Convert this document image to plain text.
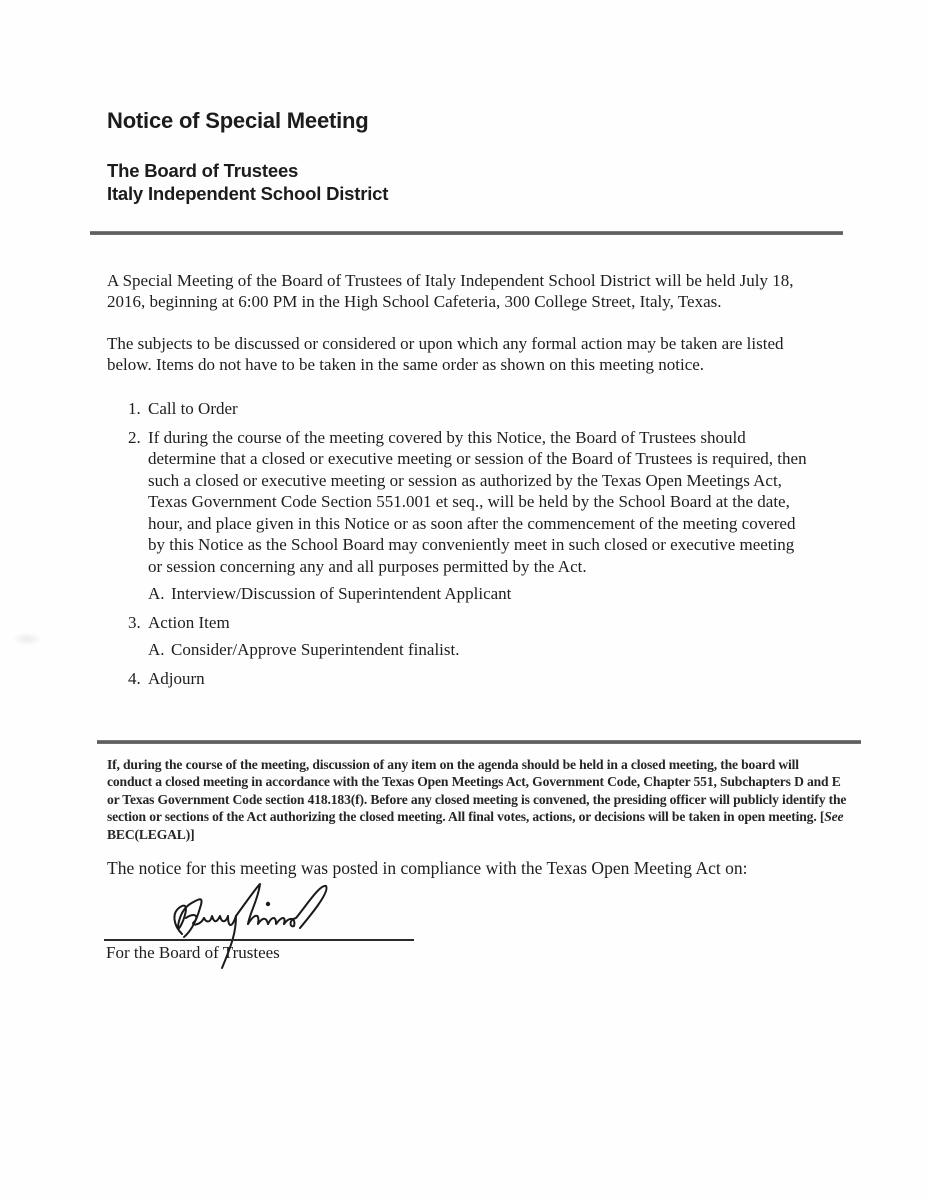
Notice of Special Meeting
The Board of Trustees
Italy Independent School District

A Special Meeting of the Board of Trustees of Italy Independent School District will be held July 18, 2016, beginning at 6:00 PM in the High School Cafeteria, 300 College Street, Italy, Texas.

The subjects to be discussed or considered or upon which any formal action may be taken are listed below. Items do not have to be taken in the same order as shown on this meeting notice.

1. Call to Order
2. If during the course of the meeting covered by this Notice, the Board of Trustees should determine that a closed or executive meeting or session of the Board of Trustees is required, then such a closed or executive meeting or session as authorized by the Texas Open Meetings Act, Texas Government Code Section 551.001 et seq., will be held by the School Board at the date, hour, and place given in this Notice or as soon after the commencement of the meeting covered by this Notice as the School Board may conveniently meet in such closed or executive meeting or session concerning any and all purposes permitted by the Act.
A. Interview/Discussion of Superintendent Applicant
3. Action Item
A. Consider/Approve Superintendent finalist.
4. Adjourn

If, during the course of the meeting, discussion of any item on the agenda should be held in a closed meeting, the board will conduct a closed meeting in accordance with the Texas Open Meetings Act, Government Code, Chapter 551, Subchapters D and E or Texas Government Code section 418.183(f). Before any closed meeting is convened, the presiding officer will publicly identify the section or sections of the Act authorizing the closed meeting. All final votes, actions, or decisions will be taken in open meeting. [See BEC(LEGAL)]

The notice for this meeting was posted in compliance with the Texas Open Meeting Act on:

For the Board of Trustees
